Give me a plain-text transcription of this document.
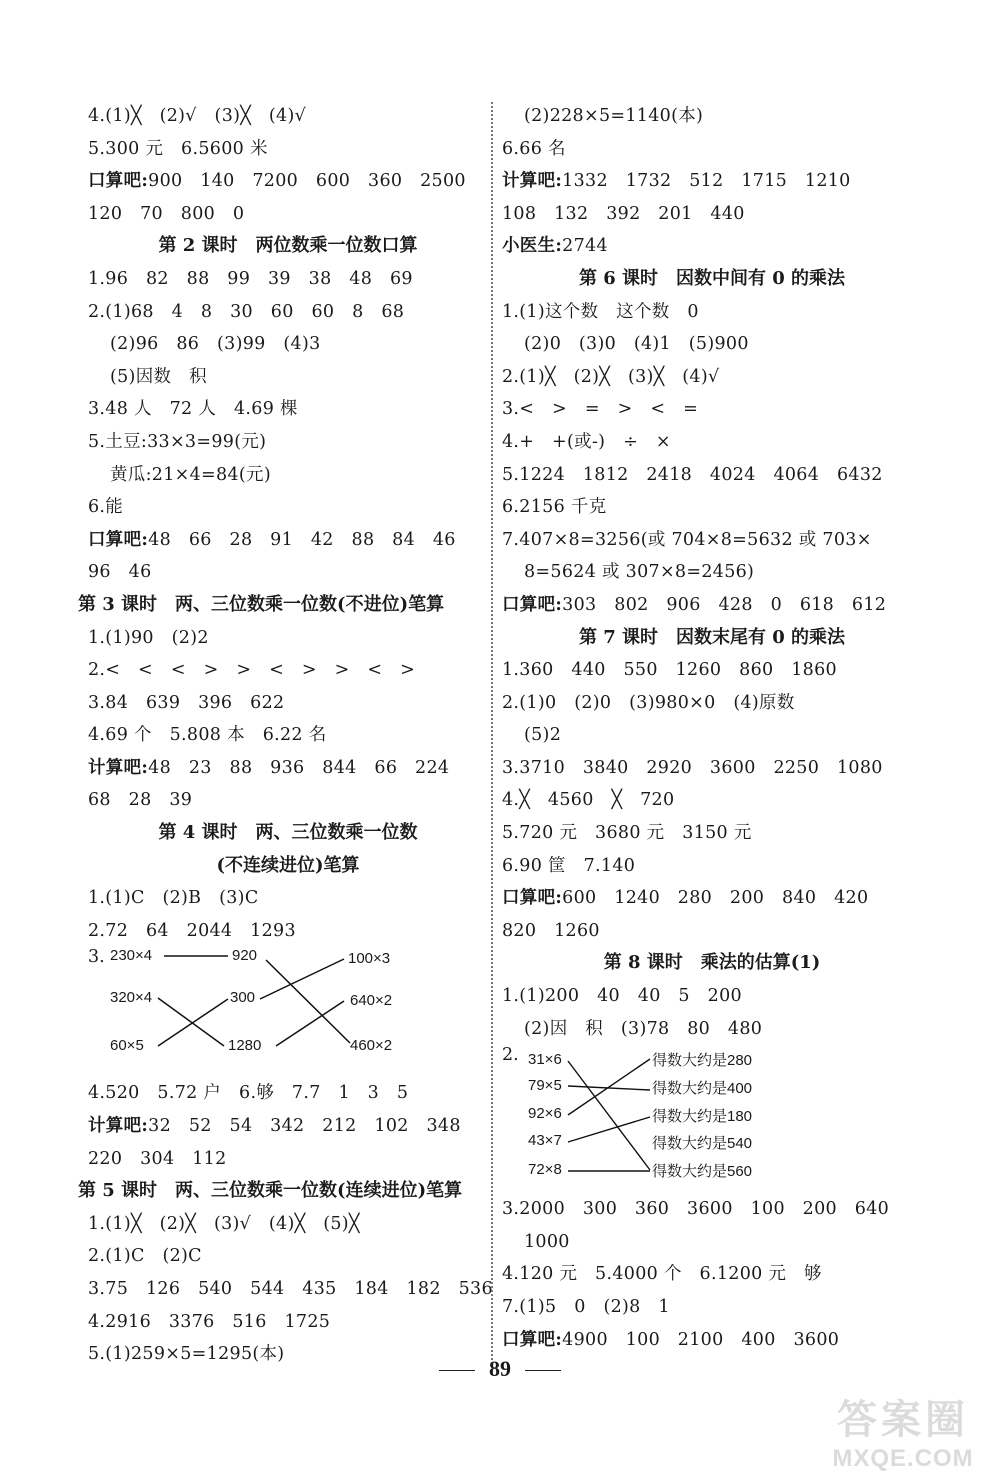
4.(1)╳　(2)√　(3)╳　(4)√
5.300 元　6.5600 米
口算吧:900　140　7200　600　360　2500
120　70　800　0
第 2 课时　两位数乘一位数口算
1.96　82　88　99　39　38　48　69
2.(1)68　4　8　30　60　60　8　68
(2)96　86　(3)99　(4)3
(5)因数　积
3.48 人　72 人　4.69 棵
5.土豆:33×3=99(元)
黄瓜:21×4=84(元)
6.能
口算吧:48　66　28　91　42　88　84　46
96　46
第 3 课时　两、三位数乘一位数(不进位)笔算
1.(1)90　(2)2
2.<　<　<　>　>　<　>　>　<　>
3.84　639　396　622
4.69 个　5.808 本　6.22 名
计算吧:48　23　88　936　844　66　224
68　28　39
第 4 课时　两、三位数乘一位数
(不连续进位)笔算
1.(1)C　(2)B　(3)C
2.72　64　2044　1293
3. 230×4
320×4
60×5
920
300
1280
100×3
640×2
460×2
4.520　5.72 户　6.够　7.7　1　3　5
计算吧:32　52　54　342　212　102　348
220　304　112
第 5 课时　两、三位数乘一位数(连续进位)笔算
1.(1)╳　(2)╳　(3)√　(4)╳　(5)╳
2.(1)C　(2)C
3.75　126　540　544　435　184　182　536
4.2916　3376　516　1725
5.(1)259×5=1295(本)
(2)228×5=1140(本)
6.66 名
计算吧:1332　1732　512　1715　1210
108　132　392　201　440
小医生:2744
第 6 课时　因数中间有 0 的乘法
1.(1)这个数　这个数　0
(2)0　(3)0　(4)1　(5)900
2.(1)╳　(2)╳　(3)╳　(4)√
3.<　>　=　>　<　=
4.+　+(或-)　÷　×
5.1224　1812　2418　4024　4064　6432
6.2156 千克
7.407×8=3256(或 704×8=5632 或 703×
8=5624 或 307×8=2456)
口算吧:303　802　906　428　0　618　612
第 7 课时　因数末尾有 0 的乘法
1.360　440　550　1260　860　1860
2.(1)0　(2)0　(3)980×0　(4)原数
(5)2
3.3710　3840　2920　3600　2250　1080
4.╳　4560　╳　720
5.720 元　3680 元　3150 元
6.90 筐　7.140
口算吧:600　1240　280　200　840　420
820　1260
第 8 课时　乘法的估算(1)
1.(1)200　40　40　5　200
(2)因　积　(3)78　80　480
2. 31×6
79×5
92×6
43×7
72×8
得数大约是280
得数大约是400
得数大约是180
得数大约是540
得数大约是560
3.2000　300　360　3600　100　200　640
1000
4.120 元　5.4000 个　6.1200 元　够
7.(1)5　0　(2)8　1
口算吧:4900　100　2100　400　3600
89
答案圈
MXQE.COM
